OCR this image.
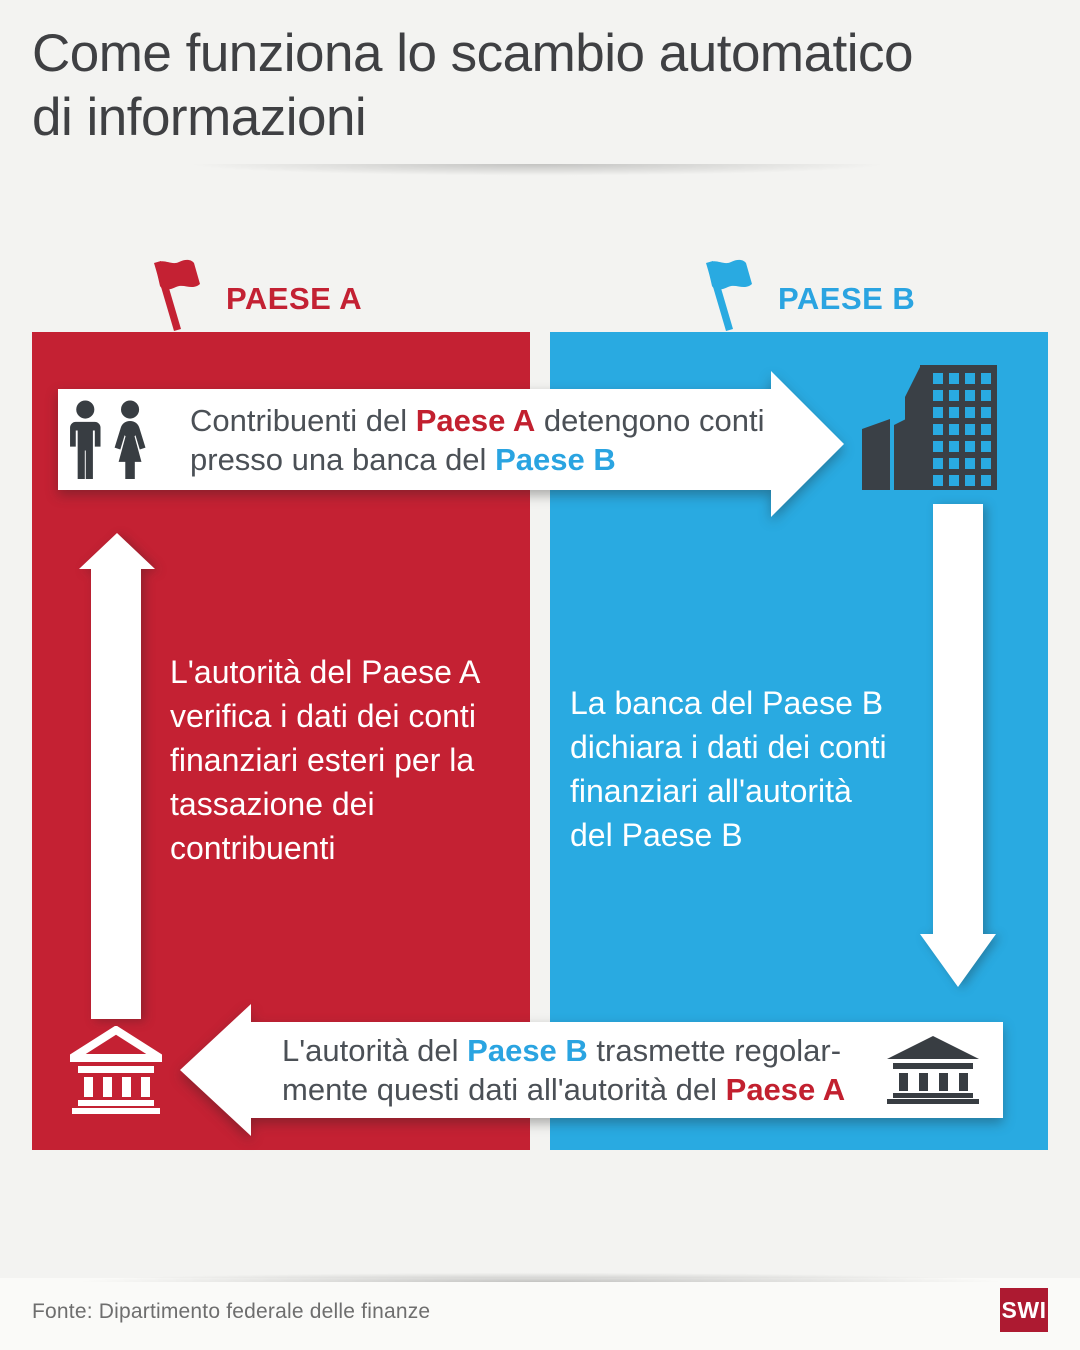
Come funziona lo scambio automatico
di informazioni
PAESE A	PAESE B
L'autorità del Paese A
verifica i dati dei conti
finanziari esteri per la
tassazione dei
contribuenti
La banca del Paese B
dichiara i dati dei conti
finanziari all'autorità
del Paese B
Contribuenti del Paese A detengono conti
presso una banca del Paese B
L'autorità del Paese B trasmette regolar-
mente questi dati all'autorità del Paese A
Fonte: Dipartimento federale delle finanze	SWI
